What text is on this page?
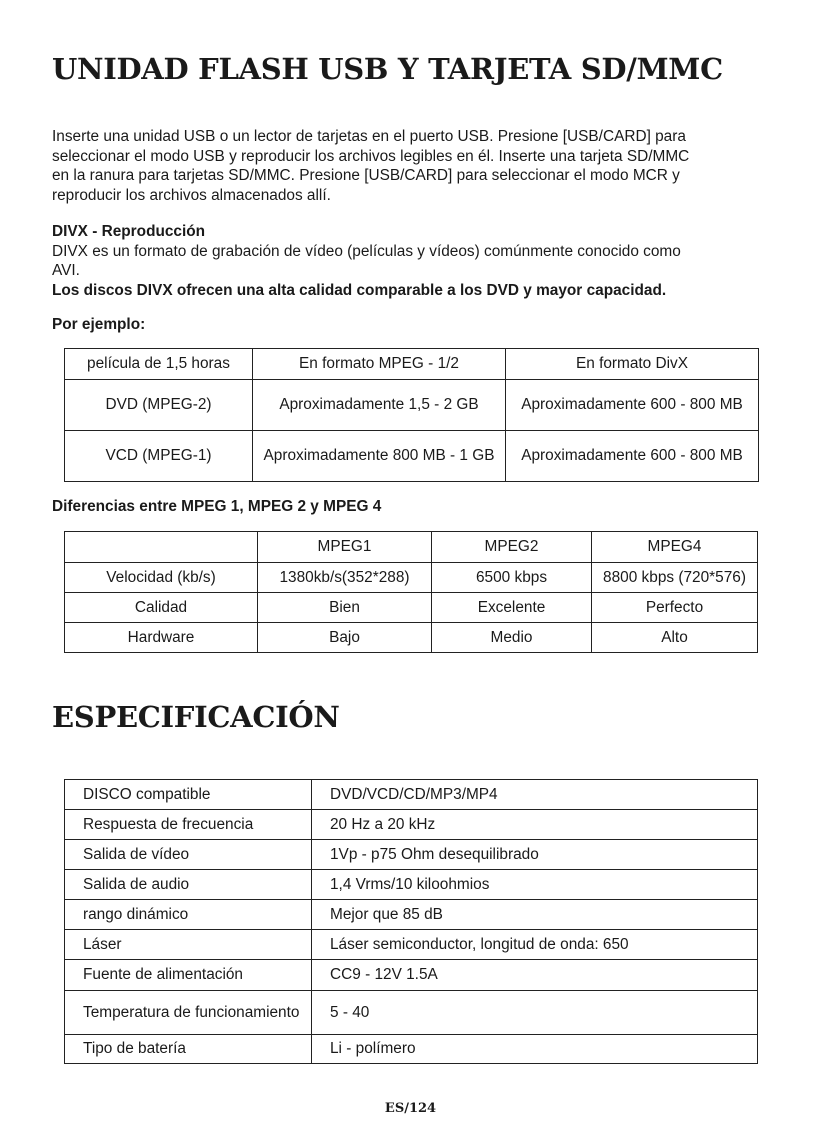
UNIDAD FLASH USB Y TARJETA SD/MMC

Inserte una unidad USB o un lector de tarjetas en el puerto USB. Presione [USB/CARD] para
seleccionar el modo USB y reproducir los archivos legibles en él. Inserte una tarjeta SD/MMC
en la ranura para tarjetas SD/MMC. Presione [USB/CARD] para seleccionar el modo MCR y
reproducir los archivos almacenados allí.

DIVX - Reproducción
DIVX es un formato de grabación de vídeo (películas y vídeos) comúnmente conocido como
AVI.
Los discos DIVX ofrecen una alta calidad comparable a los DVD y mayor capacidad.

Por ejemplo:

película de 1,5 horas	En formato MPEG - 1/2	En formato DivX
DVD (MPEG-2)	Aproximadamente 1,5 - 2 GB	Aproximadamente 600 - 800 MB
VCD (MPEG-1)	Aproximadamente 800 MB - 1 GB	Aproximadamente 600 - 800 MB

Diferencias entre MPEG 1, MPEG 2 y MPEG 4

	MPEG1	MPEG2	MPEG4
Velocidad (kb/s)	1380kb/s(352*288)	6500 kbps	8800 kbps (720*576)
Calidad	Bien	Excelente	Perfecto
Hardware	Bajo	Medio	Alto
ESPECIFICACIÓN
DISCO compatible	DVD/VCD/CD/MP3/MP4
Respuesta de frecuencia	20 Hz a 20 kHz
Salida de vídeo	1Vp - p75 Ohm desequilibrado
Salida de audio	1,4 Vrms/10 kiloohmios
rango dinámico	Mejor que 85 dB
Láser	Láser semiconductor, longitud de onda: 650
Fuente de alimentación	CC9 - 12V 1.5A
Temperatura de funcionamiento	5 - 40
Tipo de batería	Li - polímero
ES/124
